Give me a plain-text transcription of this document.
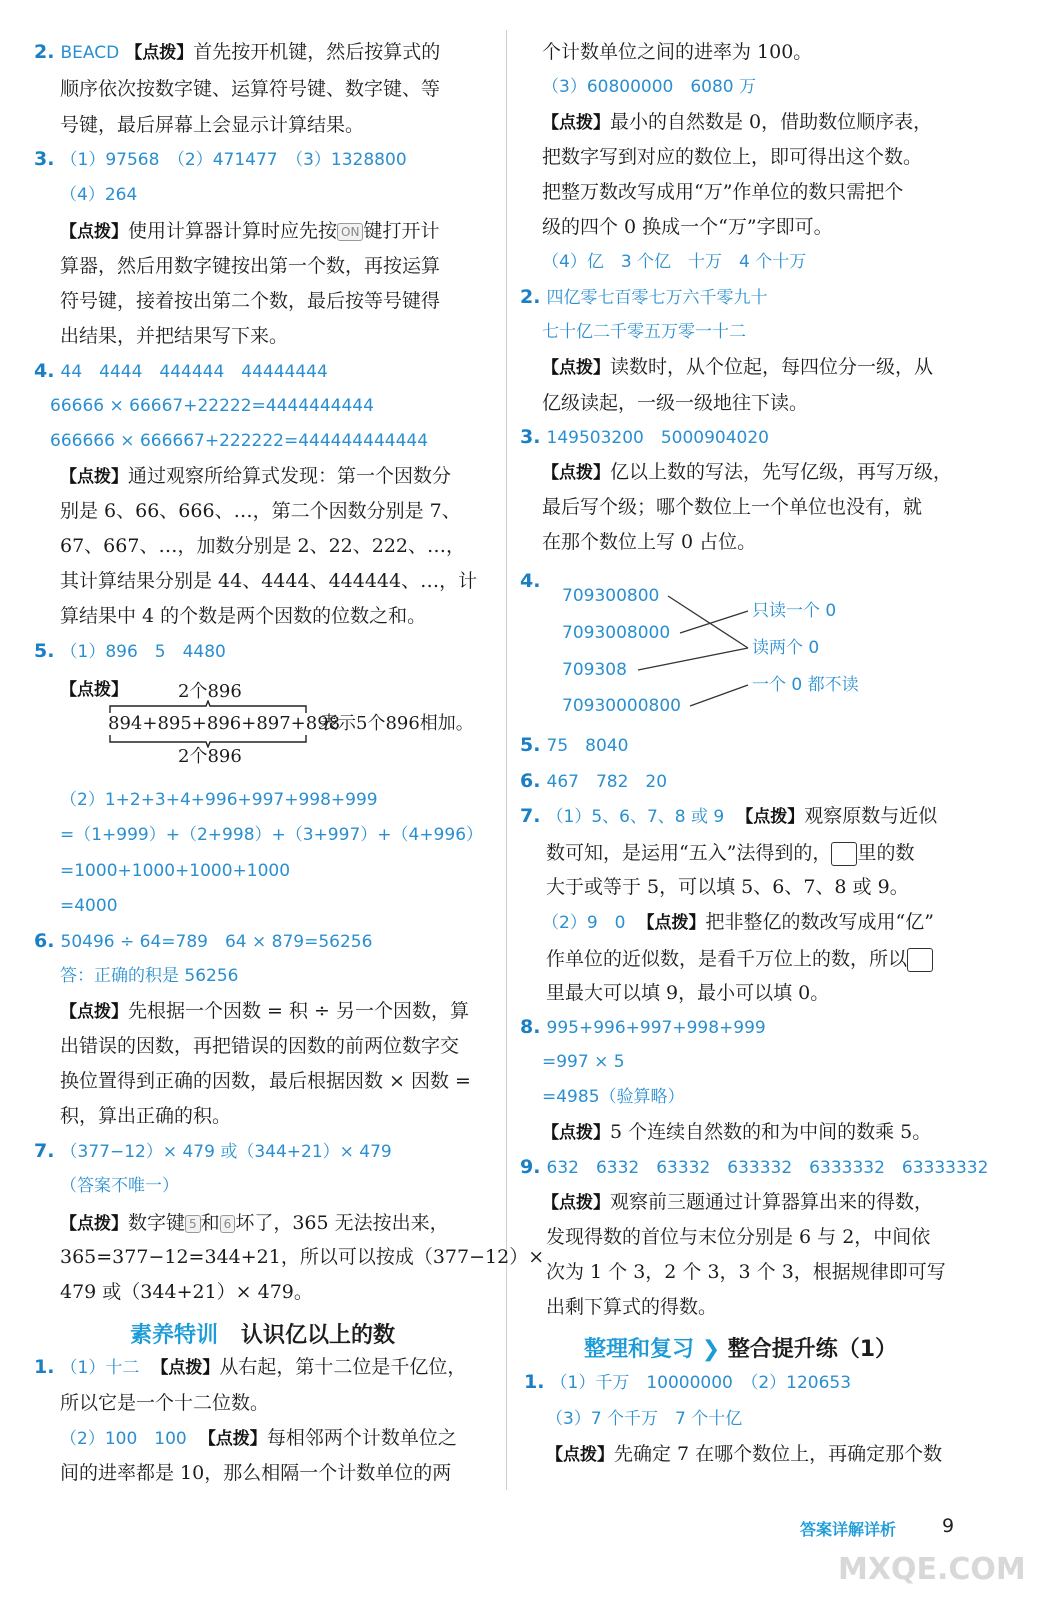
2. BEACD 【点拨】首先按开机键，然后按算式的
顺序依次按数字键、运算符号键、数字键、等
号键，最后屏幕上会显示计算结果。
3. （1）97568　（2）471477　（3）1328800
（4）264
【点拨】使用计算器计算时应先按 ON 键打开计
算器，然后用数字键按出第一个数，再按运算
符号键，接着按出第二个数，最后按等号键得
出结果，并把结果写下来。
4. 44　4444　444444　44444444
66666 × 66667+22222=4444444444
666666 × 666667+222222=444444444444
【点拨】通过观察所给算式发现：第一个因数分
别是 6、66、666、…，第二个因数分别是 7、
67、667、…，加数分别是 2、22、222、…，
其计算结果分别是 44、4444、444444、…，计
算结果中 4 的个数是两个因数的位数之和。
5. （1）896　5　4480
【点拨】	2个896
894+895+896+897+898
表示5个896相加。
2个896
（2）1+2+3+4+996+997+998+999
=（1+999）+（2+998）+（3+997）+（4+996）
=1000+1000+1000+1000
=4000
6. 50496 ÷ 64=789　64 × 879=56256
答：正确的积是 56256
【点拨】先根据一个因数 = 积 ÷ 另一个因数，算
出错误的因数，再把错误的因数的前两位数字交
换位置得到正确的因数，最后根据因数 × 因数 =
积，算出正确的积。
7. （377−12）× 479 或（344+21）× 479
（答案不唯一）
【点拨】数字键 5 和 6 坏了，365 无法按出来，
365=377−12=344+21，所以可以按成（377−12）×
479 或（344+21）× 479。
素养特训 认识亿以上的数
1. （1）十二 【点拨】从右起，第十二位是千亿位，
所以它是一个十二位数。
（2）100　100 【点拨】每相邻两个计数单位之
间的进率都是 10，那么相隔一个计数单位的两
个计数单位之间的进率为 100。
（3）60800000　6080 万
【点拨】最小的自然数是 0，借助数位顺序表，
把数字写到对应的数位上，即可得出这个数。
把整万数改写成用“万”作单位的数只需把个
级的四个 0 换成一个“万”字即可。
（4）亿　3 个亿　十万　4 个十万
2. 四亿零七百零七万六千零九十
七十亿二千零五万零一十二
【点拨】读数时，从个位起，每四位分一级，从
亿级读起，一级一级地往下读。
3. 149503200　5000904020
【点拨】亿以上数的写法，先写亿级，再写万级，
最后写个级；哪个数位上一个单位也没有，就
在那个数位上写 0 占位。
4.
709300800
7093008000
709308
70930000800
只读一个 0
读两个 0
一个 0 都不读
5. 75　8040
6. 467　782　20
7. （1）5、6、7、8 或 9 【点拨】观察原数与近似
数可知，是运用“五入”法得到的， 里的数
大于或等于 5，可以填 5、6、7、8 或 9。
（2）9　0 【点拨】把非整亿的数改写成用“亿”
作单位的近似数，是看千万位上的数，所以
里最大可以填 9，最小可以填 0。
8. 995+996+997+998+999
=997 × 5
=4985（验算略）
【点拨】5 个连续自然数的和为中间的数乘 5。
9. 632　6332　63332　633332　6333332　63333332
【点拨】观察前三题通过计算器算出来的得数，
发现得数的首位与末位分别是 6 与 2，中间依
次为 1 个 3，2 个 3，3 个 3，根据规律即可写
出剩下算式的得数。
整理和复习 ❯ 整合提升练（1）
1. （1）千万　10000000　（2）120653
（3）7 个千万　7 个十亿
【点拨】先确定 7 在哪个数位上，再确定那个数
答案详解详析 9
MXQE.COM
